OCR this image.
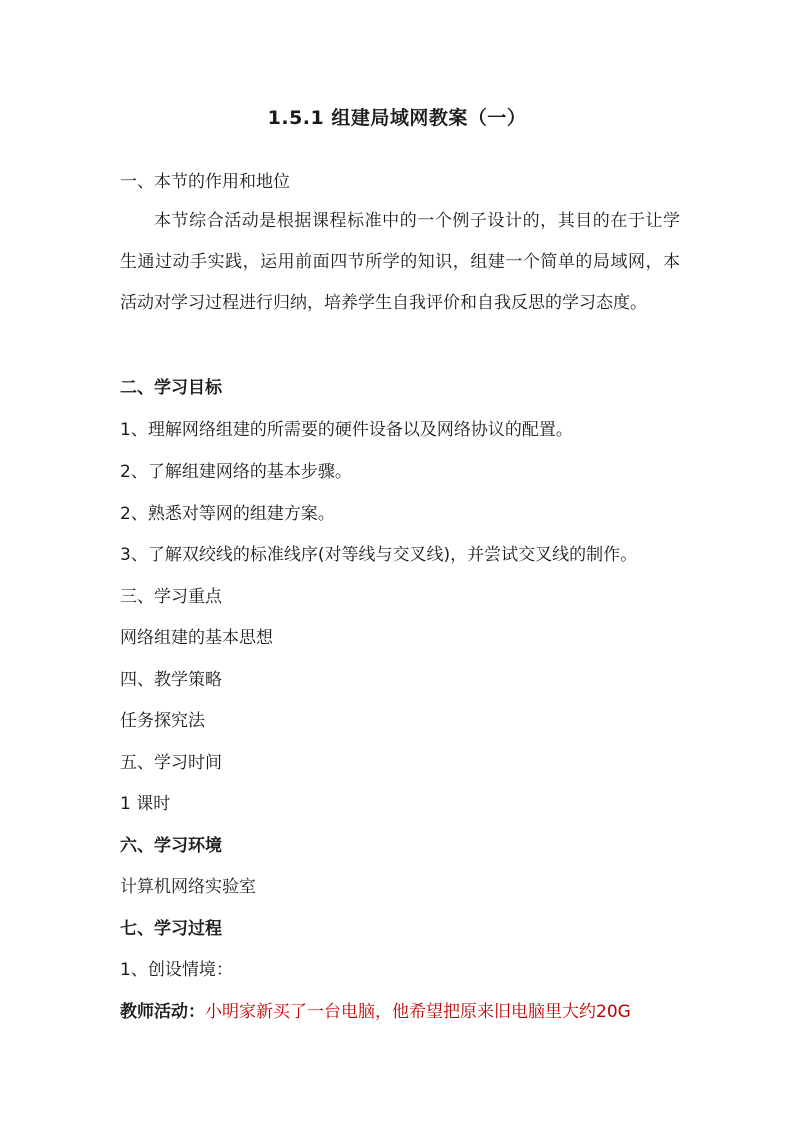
1.5.1 组建局域网教案（一）
一、本节的作用和地位
本节综合活动是根据课程标准中的一个例子设计的，其目的在于让学生通过动手实践，运用前面四节所学的知识，组建一个简单的局域网，本活动对学习过程进行归纳，培养学生自我评价和自我反思的学习态度。
二、学习目标
1、理解网络组建的所需要的硬件设备以及网络协议的配置。
2、了解组建网络的基本步骤。
2、熟悉对等网的组建方案。
3、了解双绞线的标准线序(对等线与交叉线)，并尝试交叉线的制作。
三、学习重点
网络组建的基本思想
四、教学策略
任务探究法
五、学习时间
1 课时
六、学习环境
计算机网络实验室
七、学习过程
1、创设情境：
教师活动：小明家新买了一台电脑，他希望把原来旧电脑里大约20G
